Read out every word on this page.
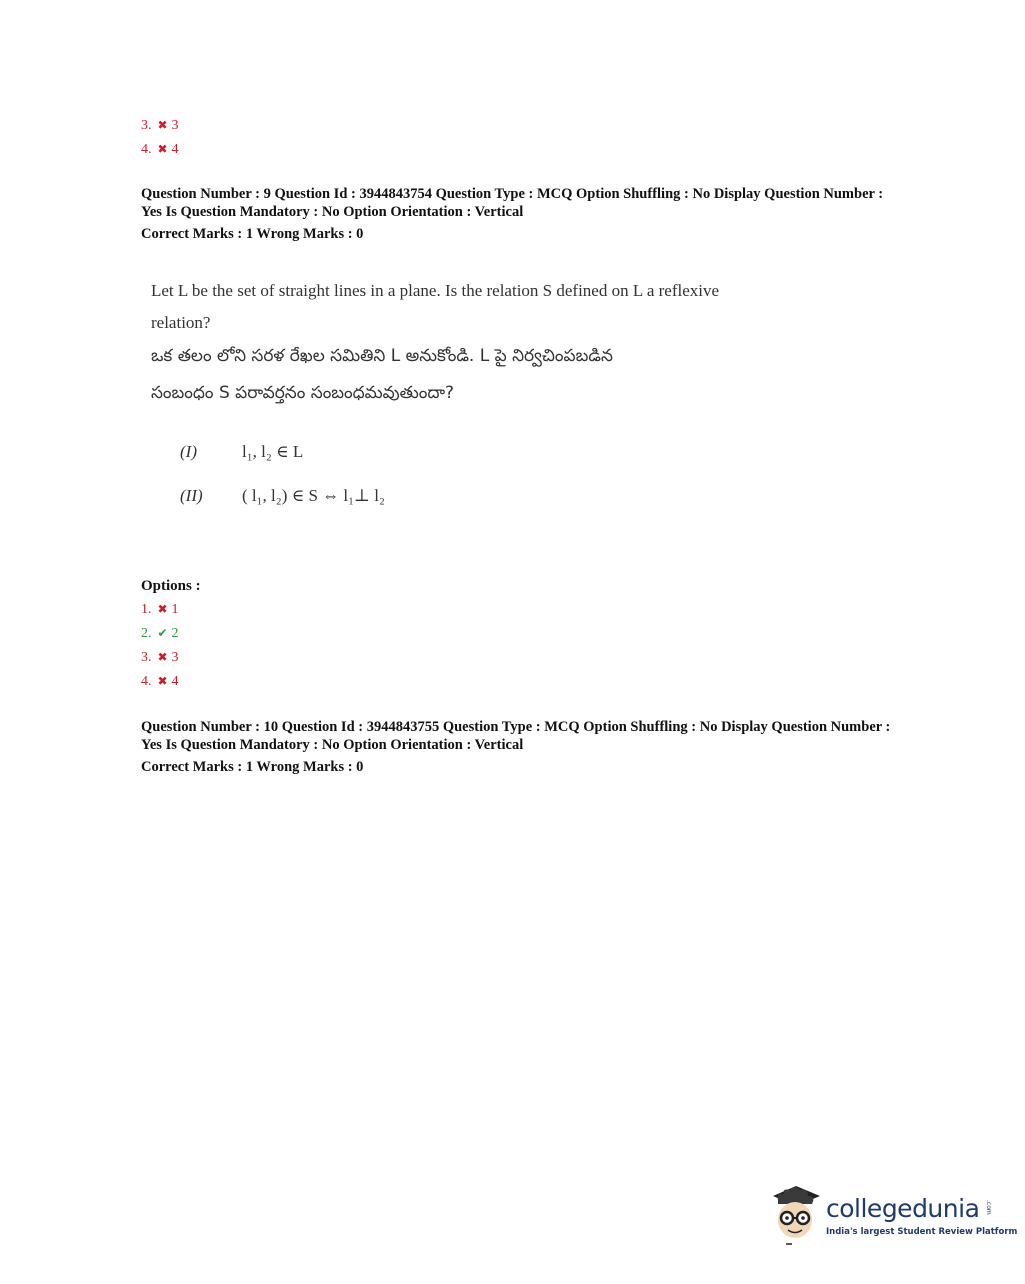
3. ✖ 3
4. ✖ 4
Question Number : 9 Question Id : 3944843754 Question Type : MCQ Option Shuffling : No Display Question Number : Yes Is Question Mandatory : No Option Orientation : Vertical
Correct Marks : 1 Wrong Marks : 0
Let L be the set of straight lines in a plane. Is the relation S defined on L a reflexive
relation?
ఒక తలం లోని సరళ రేఖల సమితిని L అనుకోండి. L పై నిర్వచింపబడిన
సంబంధం S పరావర్తనం సంబంధమవుతుందా?
(I)	l₁, l₂ ∈ L
(II) ( l₁, l₂) ∈ S ⇔ l₁⊥ l₂
Options :
1. ✖ 1
2. ✔ 2
3. ✖ 3
4. ✖ 4
Question Number : 10 Question Id : 3944843755 Question Type : MCQ Option Shuffling : No Display Question Number : Yes Is Question Mandatory : No Option Orientation : Vertical
Correct Marks : 1 Wrong Marks : 0
collegedunia
India's largest Student Review Platform
.com
